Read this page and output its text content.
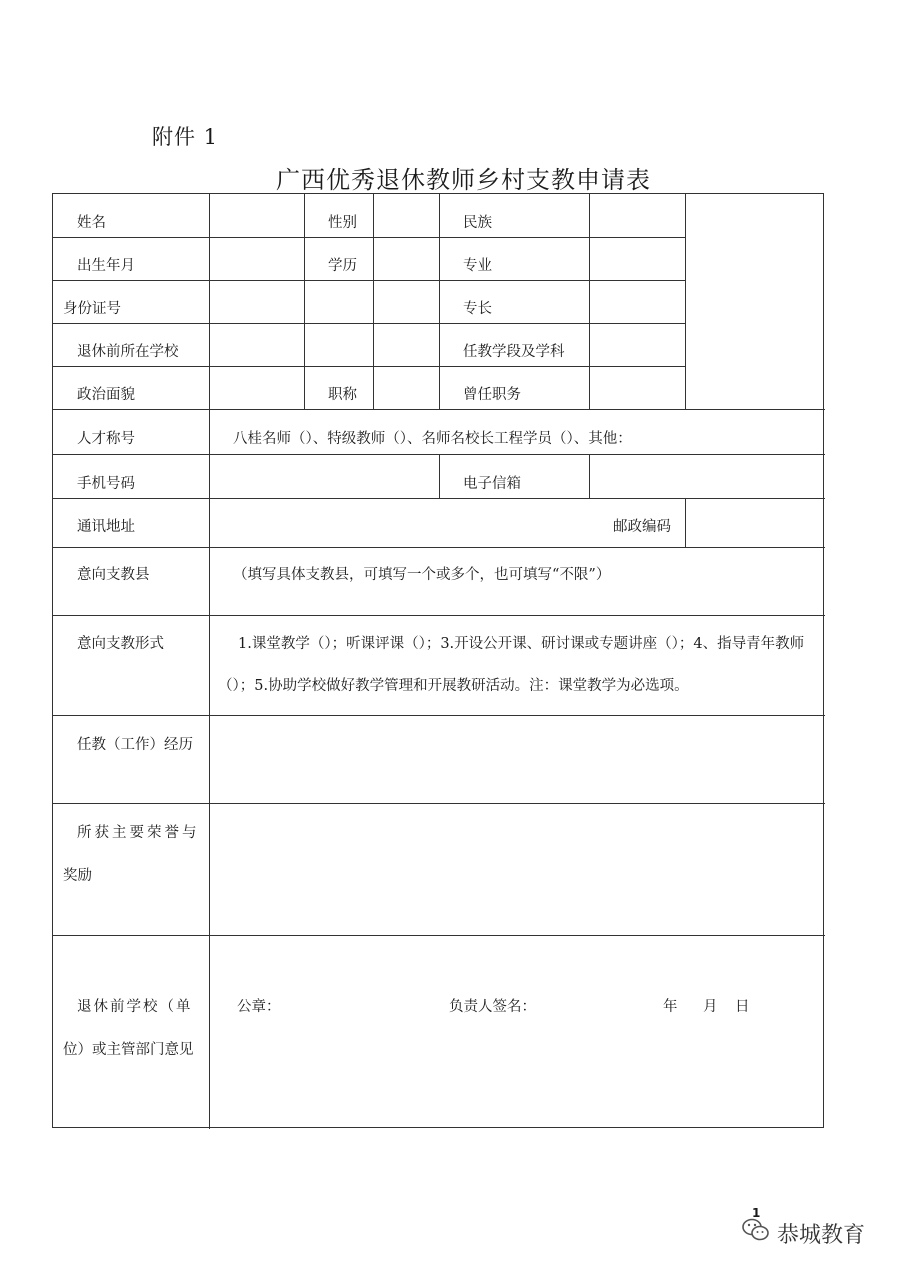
附件 1
广西优秀退休教师乡村支教申请表
姓名	性别	民族
出生年月	学历	专业
身份证号	专长
退休前所在学校	任教学段及学科
政治面貌	职称	曾任职务
人才称号	八桂名师（）、特级教师（）、名师名校长工程学员（）、其他：
手机号码	电子信箱
通讯地址	邮政编码
意向支教县	（填写具体支教县，可填写一个或多个，也可填写“不限”）
意向支教形式	1.课堂教学（）；听课评课（）；3.开设公开课、研讨课或专题讲座（）；4、指导青年教师（）；5.协助学校做好教学管理和开展教研活动。注：课堂教学为必选项。
任教（工作）经历
所获主要荣誉与
奖励
退休前学校（单
位）或主管部门意见
公章：	负责人签名：	年 月 日
1
恭城教育
